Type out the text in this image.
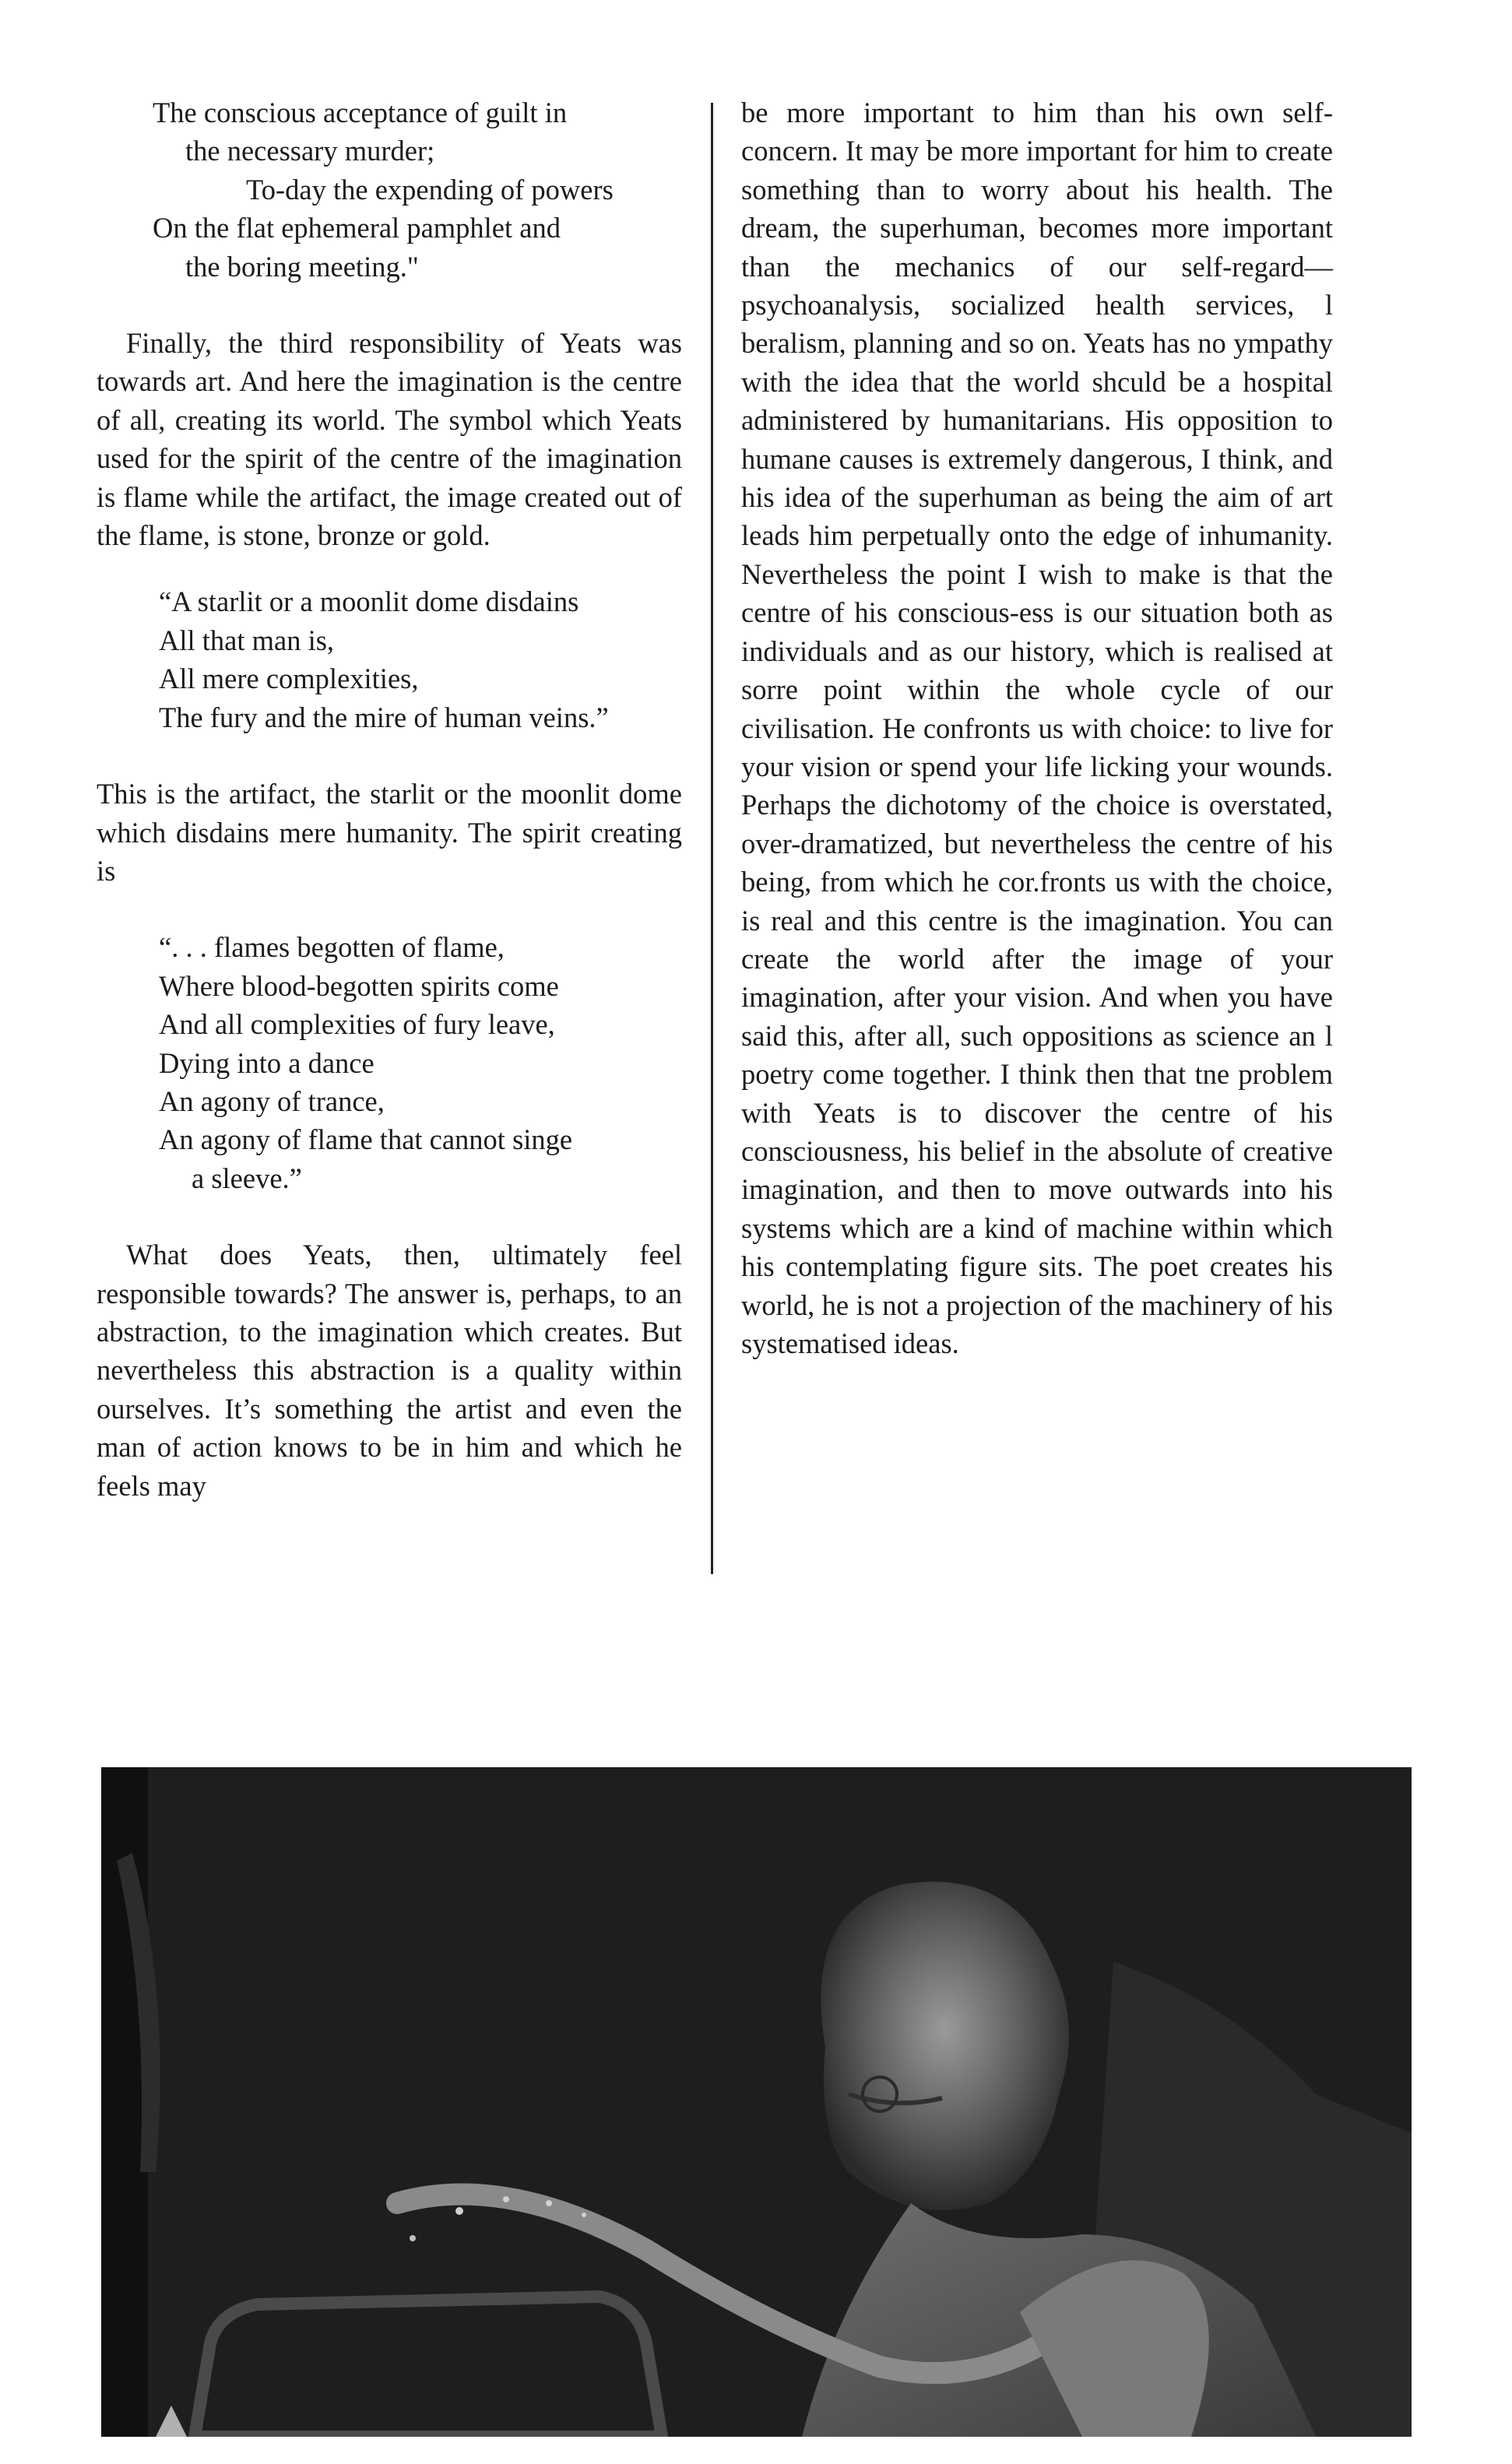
The conscious acceptance of guilt in
the necessary murder;
To-day the expending of powers
On the flat ephemeral pamphlet and
the boring meeting."

Finally, the third responsibility of Yeats was towards art. And here the imagination is the centre of all, creating its world. The symbol which Yeats used for the spirit of the centre of the imagination is flame while the artifact, the image created out of the flame, is stone, bronze or gold.

“A starlit or a moonlit dome disdains
All that man is,
All mere complexities,
The fury and the mire of human veins.”

This is the artifact, the starlit or the moonlit dome which disdains mere humanity. The spirit creating is

“. . . flames begotten of flame,
Where blood-begotten spirits come
And all complexities of fury leave,
Dying into a dance
An agony of trance,
An agony of flame that cannot singe
a sleeve.”

What does Yeats, then, ultimately feel responsible towards? The answer is, perhaps, to an abstraction, to the imagination which creates. But nevertheless this abstraction is a quality within ourselves. It’s something the artist and even the man of action knows to be in him and which he feels may

be more important to him than his own self-concern. It may be more important for him to create something than to worry about his health. The dream, the superhuman, becomes more important than the mechanics of our self-regard—psychoanalysis, socialized health services, l beralism, planning and so on. Yeats has no ympathy with the idea that the world shculd be a hospital administered by humanitarians. His opposition to humane causes is extremely dangerous, I think, and his idea of the superhuman as being the aim of art leads him perpetually onto the edge of inhumanity. Nevertheless the point I wish to make is that the centre of his conscious-ess is our situation both as individuals and as our history, which is realised at sorre point within the whole cycle of our civilisation. He confronts us with choice: to live for your vision or spend your life licking your wounds. Perhaps the dichotomy of the choice is overstated, over-dramatized, but nevertheless the centre of his being, from which he cor.fronts us with the choice, is real and this centre is the imagination. You can create the world after the image of your imagination, after your vision. And when you have said this, after all, such oppositions as science an l poetry come together. I think then that tne problem with Yeats is to discover the centre of his consciousness, his belief in the absolute of creative imagination, and then to move outwards into his systems which are a kind of machine within which his contemplating figure sits. The poet creates his world, he is not a projection of the machinery of his systematised ideas.
